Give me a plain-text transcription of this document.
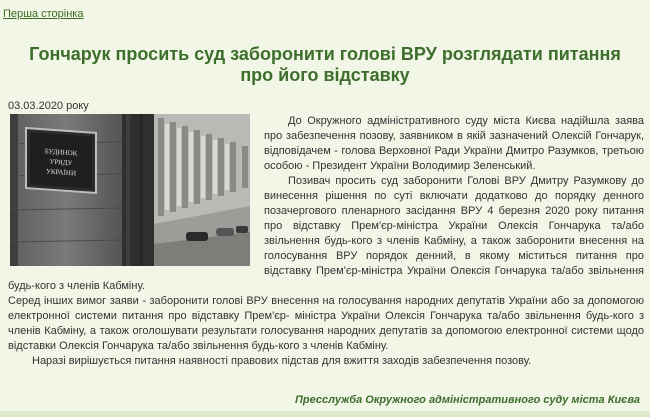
Перша сторінка
Гончарук просить суд заборонити голові ВРУ розглядати питання про його відставку
03.03.2020 року
БУДИНОК
УРЯДУ
УКРАЇНИ

До Окружного адміністративного суду міста Києва надійшла заява про забезпечення позову, заявником в якій зазначений Олексій Гончарук, відповідачем - голова Верховної Ради України Дмитро Разумков, третьою особою - Президент України Володимир Зеленський.

Позивач просить суд заборонити Голові ВРУ Дмитру Разумкову до винесення рішення по суті включати додатково до порядку денного позачергового пленарного засідання ВРУ 4 березня 2020 року питання про відставку Прем'єр-міністра України Олексія Гончарука та/або звільнення будь-кого з членів Кабміну, а також заборонити внесення на голосування ВРУ порядок денний, в якому міститься питання про відставку Прем'єр-міністра України Олексія Гончарука та/або звільнення будь-кого з членів Кабміну.

Серед інших вимог заяви - заборонити голові ВРУ внесення на голосування народних депутатів України або за допомогою електронної системи питання про відставку Прем'єр- міністра України Олексія Гончарука та/або звільнення будь-кого з членів Кабміну, а також оголошувати результати голосування народних депутатів за допомогою електронної системи щодо відставки Олексія Гончарука та/або звільнення будь-кого з членів Кабміну.

Наразі вирішується питання наявності правових підстав для вжиття заходів забезпечення позову.

Пресслужба Окружного адміністративного суду міста Києва
